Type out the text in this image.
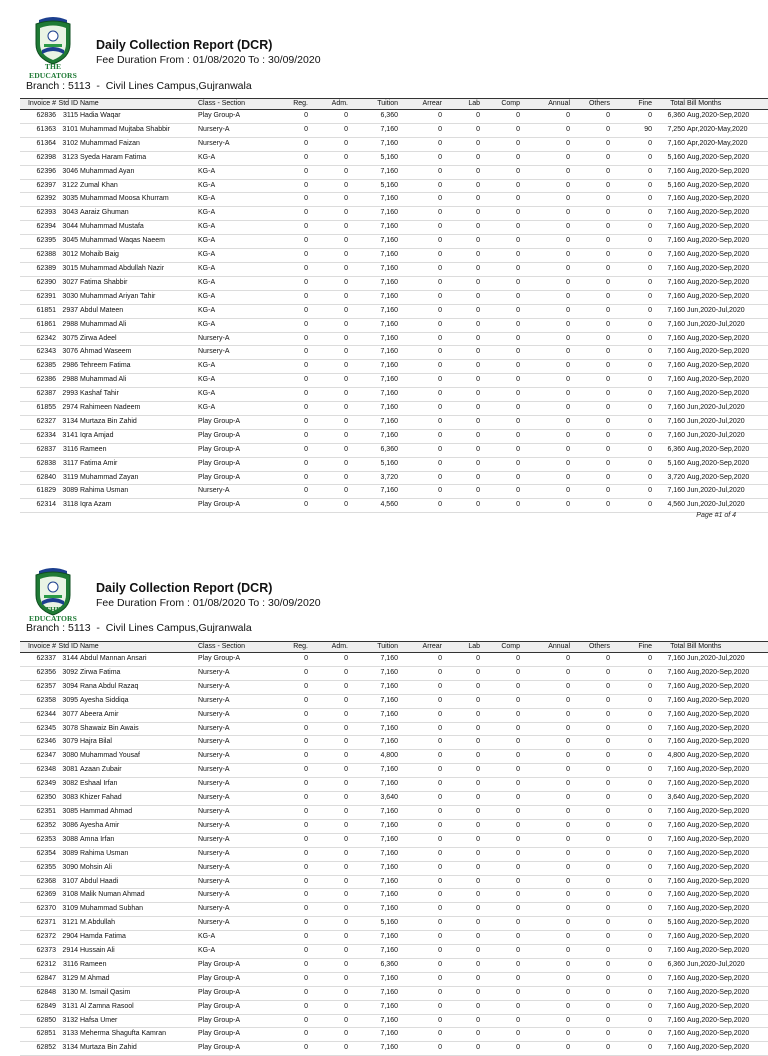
THE EDUCATORS
Daily Collection Report (DCR)
Fee Duration From : 01/08/2020 To : 30/09/2020
Branch : 5113  -  Civil Lines Campus,Gujranwala
Invoice #	Std ID	Name	Class - Section	Reg.	Adm.	Tuition	Arrear	Lab	Comp	Annual	Others	Fine	Total	Bill Months
62836	3115	Hadia Waqar	Play Group-A	0	0	6,360	0	0	0	0	0	0	6,360	Aug,2020-Sep,2020
61363	3101	Muhammad Mujtaba Shabbir	Nursery-A	0	0	7,160	0	0	0	0	0	90	7,250	Apr,2020-May,2020
61364	3102	Muhammad Faizan	Nursery-A	0	0	7,160	0	0	0	0	0	0	7,160	Apr,2020-May,2020
62398	3123	Syeda Haram Fatima	KG-A	0	0	5,160	0	0	0	0	0	0	5,160	Aug,2020-Sep,2020
62396	3046	Muhammad Ayan	KG-A	0	0	7,160	0	0	0	0	0	0	7,160	Aug,2020-Sep,2020
62397	3122	Zumal Khan	KG-A	0	0	5,160	0	0	0	0	0	0	5,160	Aug,2020-Sep,2020
62392	3035	Muhammad Moosa Khurram	KG-A	0	0	7,160	0	0	0	0	0	0	7,160	Aug,2020-Sep,2020
62393	3043	Aaraiz Ghuman	KG-A	0	0	7,160	0	0	0	0	0	0	7,160	Aug,2020-Sep,2020
62394	3044	Muhammad Mustafa	KG-A	0	0	7,160	0	0	0	0	0	0	7,160	Aug,2020-Sep,2020
62395	3045	Muhammad Waqas Naeem	KG-A	0	0	7,160	0	0	0	0	0	0	7,160	Aug,2020-Sep,2020
62388	3012	Mohaib Baig	KG-A	0	0	7,160	0	0	0	0	0	0	7,160	Aug,2020-Sep,2020
62389	3015	Muhammad Abdullah Nazir	KG-A	0	0	7,160	0	0	0	0	0	0	7,160	Aug,2020-Sep,2020
62390	3027	Fatima Shabbir	KG-A	0	0	7,160	0	0	0	0	0	0	7,160	Aug,2020-Sep,2020
62391	3030	Muhammad Ariyan Tahir	KG-A	0	0	7,160	0	0	0	0	0	0	7,160	Aug,2020-Sep,2020
61851	2937	Abdul Mateen	KG-A	0	0	7,160	0	0	0	0	0	0	7,160	Jun,2020-Jul,2020
61861	2988	Muhammad Ali	KG-A	0	0	7,160	0	0	0	0	0	0	7,160	Jun,2020-Jul,2020
62342	3075	Zirwa Adeel	Nursery-A	0	0	7,160	0	0	0	0	0	0	7,160	Aug,2020-Sep,2020
62343	3076	Ahmad Waseem	Nursery-A	0	0	7,160	0	0	0	0	0	0	7,160	Aug,2020-Sep,2020
62385	2986	Tehreem Fatima	KG-A	0	0	7,160	0	0	0	0	0	0	7,160	Aug,2020-Sep,2020
62386	2988	Muhammad Ali	KG-A	0	0	7,160	0	0	0	0	0	0	7,160	Aug,2020-Sep,2020
62387	2993	Kashaf Tahir	KG-A	0	0	7,160	0	0	0	0	0	0	7,160	Aug,2020-Sep,2020
61855	2974	Rahimeen Nadeem	KG-A	0	0	7,160	0	0	0	0	0	0	7,160	Jun,2020-Jul,2020
62327	3134	Murtaza Bin Zahid	Play Group-A	0	0	7,160	0	0	0	0	0	0	7,160	Jun,2020-Jul,2020
62334	3141	Iqra Amjad	Play Group-A	0	0	7,160	0	0	0	0	0	0	7,160	Jun,2020-Jul,2020
62837	3116	Rameen	Play Group-A	0	0	6,360	0	0	0	0	0	0	6,360	Aug,2020-Sep,2020
62838	3117	Fatima Amir	Play Group-A	0	0	5,160	0	0	0	0	0	0	5,160	Aug,2020-Sep,2020
62840	3119	Muhammad Zayan	Play Group-A	0	0	3,720	0	0	0	0	0	0	3,720	Aug,2020-Sep,2020
61829	3089	Rahima Usman	Nursery-A	0	0	7,160	0	0	0	0	0	0	7,160	Jun,2020-Jul,2020
62314	3118	Iqra Azam	Play Group-A	0	0	4,560	0	0	0	0	0	0	4,560	Jun,2020-Jul,2020
Page #1 of 4
THE EDUCATORS
Daily Collection Report (DCR)
Fee Duration From : 01/08/2020 To : 30/09/2020
Branch : 5113  -  Civil Lines Campus,Gujranwala
Invoice #	Std ID	Name	Class - Section	Reg.	Adm.	Tuition	Arrear	Lab	Comp	Annual	Others	Fine	Total	Bill Months
62337	3144	Abdul Mannan Ansari	Play Group-A	0	0	7,160	0	0	0	0	0	0	7,160	Jun,2020-Jul,2020
62356	3092	Zirwa Fatima	Nursery-A	0	0	7,160	0	0	0	0	0	0	7,160	Aug,2020-Sep,2020
62357	3094	Rana Abdul Razaq	Nursery-A	0	0	7,160	0	0	0	0	0	0	7,160	Aug,2020-Sep,2020
62358	3095	Ayesha Siddiqa	Nursery-A	0	0	7,160	0	0	0	0	0	0	7,160	Aug,2020-Sep,2020
62344	3077	Abeera Amir	Nursery-A	0	0	7,160	0	0	0	0	0	0	7,160	Aug,2020-Sep,2020
62345	3078	Shawaiz Bin Awais	Nursery-A	0	0	7,160	0	0	0	0	0	0	7,160	Aug,2020-Sep,2020
62346	3079	Hajra Bilal	Nursery-A	0	0	7,160	0	0	0	0	0	0	7,160	Aug,2020-Sep,2020
62347	3080	Muhammad Yousaf	Nursery-A	0	0	4,800	0	0	0	0	0	0	4,800	Aug,2020-Sep,2020
62348	3081	Azaan Zubair	Nursery-A	0	0	7,160	0	0	0	0	0	0	7,160	Aug,2020-Sep,2020
62349	3082	Eshaal Irfan	Nursery-A	0	0	7,160	0	0	0	0	0	0	7,160	Aug,2020-Sep,2020
62350	3083	Khizer Fahad	Nursery-A	0	0	3,640	0	0	0	0	0	0	3,640	Aug,2020-Sep,2020
62351	3085	Hammad Ahmad	Nursery-A	0	0	7,160	0	0	0	0	0	0	7,160	Aug,2020-Sep,2020
62352	3086	Ayesha Amir	Nursery-A	0	0	7,160	0	0	0	0	0	0	7,160	Aug,2020-Sep,2020
62353	3088	Amna Irfan	Nursery-A	0	0	7,160	0	0	0	0	0	0	7,160	Aug,2020-Sep,2020
62354	3089	Rahima Usman	Nursery-A	0	0	7,160	0	0	0	0	0	0	7,160	Aug,2020-Sep,2020
62355	3090	Mohsin Ali	Nursery-A	0	0	7,160	0	0	0	0	0	0	7,160	Aug,2020-Sep,2020
62368	3107	Abdul Haadi	Nursery-A	0	0	7,160	0	0	0	0	0	0	7,160	Aug,2020-Sep,2020
62369	3108	Malik Numan Ahmad	Nursery-A	0	0	7,160	0	0	0	0	0	0	7,160	Aug,2020-Sep,2020
62370	3109	Muhammad Subhan	Nursery-A	0	0	7,160	0	0	0	0	0	0	7,160	Aug,2020-Sep,2020
62371	3121	M.Abdullah	Nursery-A	0	0	5,160	0	0	0	0	0	0	5,160	Aug,2020-Sep,2020
62372	2904	Hamda Fatima	KG-A	0	0	7,160	0	0	0	0	0	0	7,160	Aug,2020-Sep,2020
62373	2914	Hussain Ali	KG-A	0	0	7,160	0	0	0	0	0	0	7,160	Aug,2020-Sep,2020
62312	3116	Rameen	Play Group-A	0	0	6,360	0	0	0	0	0	0	6,360	Jun,2020-Jul,2020
62847	3129	M Ahmad	Play Group-A	0	0	7,160	0	0	0	0	0	0	7,160	Aug,2020-Sep,2020
62848	3130	M. Ismail Qasim	Play Group-A	0	0	7,160	0	0	0	0	0	0	7,160	Aug,2020-Sep,2020
62849	3131	Al Zamna Rasool	Play Group-A	0	0	7,160	0	0	0	0	0	0	7,160	Aug,2020-Sep,2020
62850	3132	Hafsa Umer	Play Group-A	0	0	7,160	0	0	0	0	0	0	7,160	Aug,2020-Sep,2020
62851	3133	Meherma Shagufta Kamran	Play Group-A	0	0	7,160	0	0	0	0	0	0	7,160	Aug,2020-Sep,2020
62852	3134	Murtaza Bin Zahid	Play Group-A	0	0	7,160	0	0	0	0	0	0	7,160	Aug,2020-Sep,2020
